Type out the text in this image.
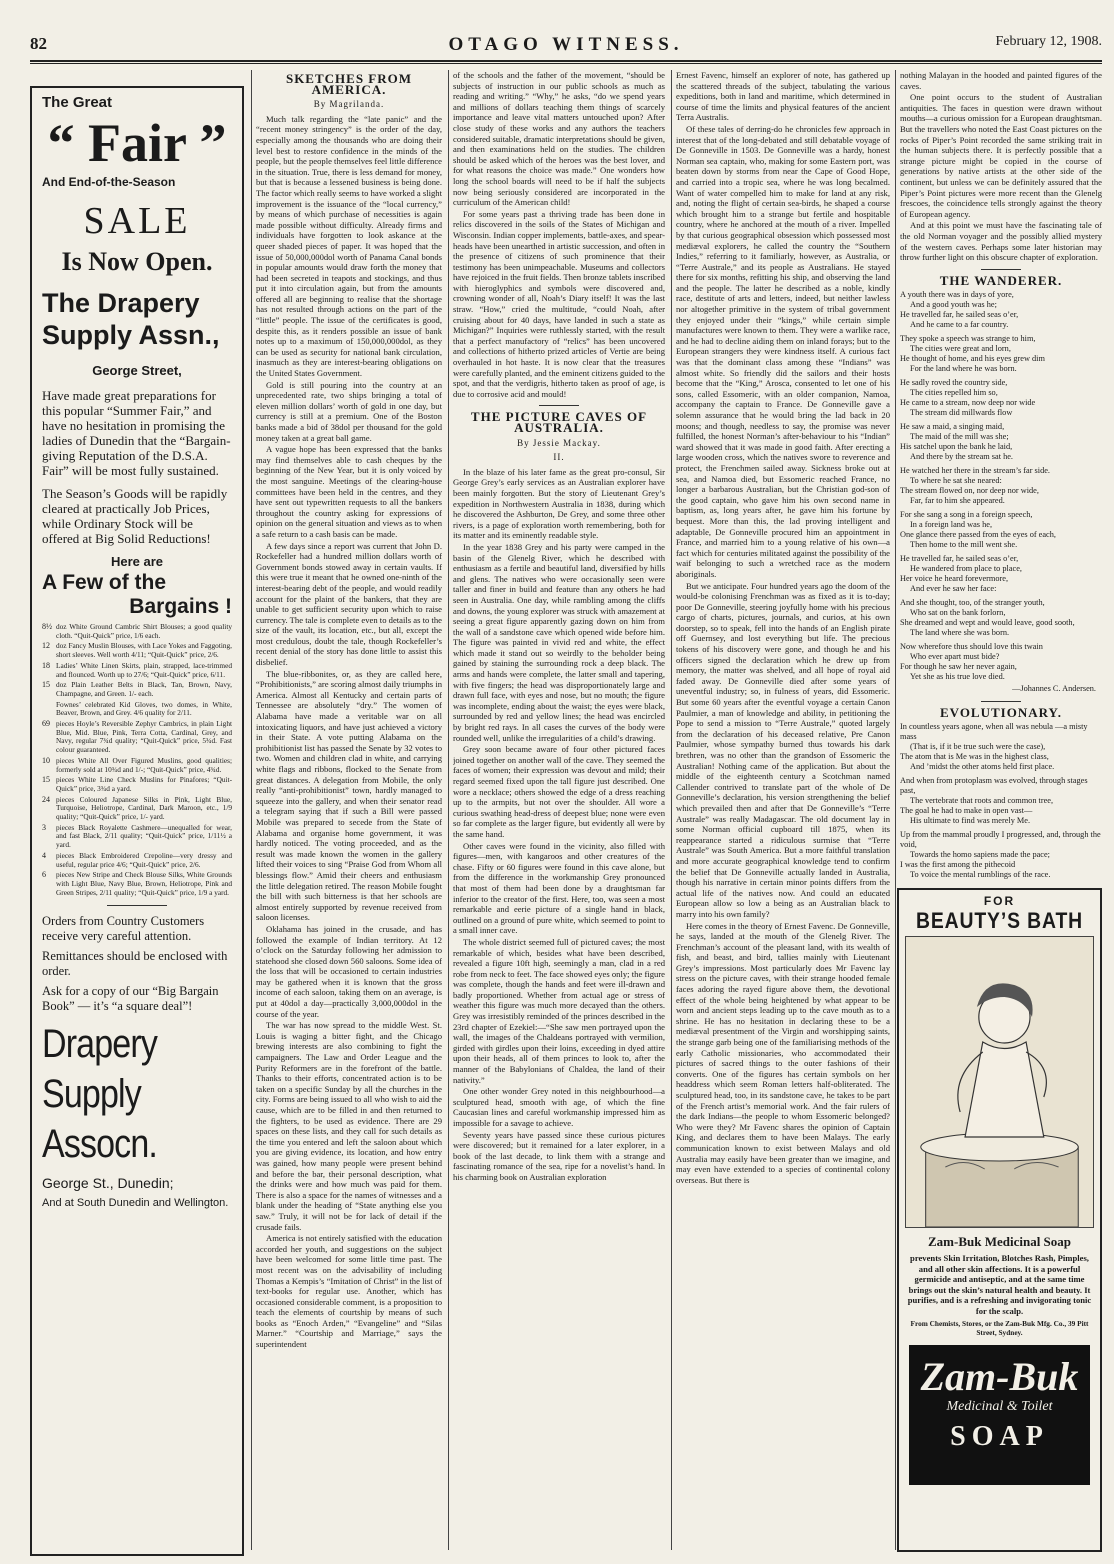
82	OTAGO WITNESS.	February 12, 1908.
The Great
“ Fair ”
And End-of-the-Season
SALE
Is Now Open.
The Drapery Supply Assn.,
George Street,
Have made great preparations for this popular “Summer Fair,” and have no hesitation in promising the ladies of Dunedin that the “Bargain-giving Reputation of the D.S.A. Fair” will be most fully sustained.
The Season’s Goods will be rapidly cleared at practically Job Prices, while Ordinary Stock will be offered at Big Solid Reductions!
Here are
A Few of the
Bargains !
8½ doz White Ground Cambric Shirt Blouses; a good quality cloth. “Quit-Quick” price, 1/6 each.
12 doz Fancy Muslin Blouses, with Lace Yokes and Faggoting, short sleeves. Well worth 4/11; “Quit-Quick” price, 2/6.
18 Ladies’ White Linen Skirts, plain, strapped, lace-trimmed and flounced. Worth up to 27/6; “Quit-Quick” price, 6/11.
15 doz Plain Leather Belts in Black, Tan, Brown, Navy, Champagne, and Green. 1/- each.
Fownes’ celebrated Kid Gloves, two domes, in White, Beaver, Brown, and Grey. 4/6 quality for 2/11.
69 pieces Hoyle’s Reversible Zephyr Cambrics, in plain Light Blue, Mid. Blue, Pink, Terra Cotta, Cardinal, Grey, and Navy, regular 7¾d quality; “Quit-Quick” price, 5¾d. Fast colour guaranteed.
10 pieces White All Over Figured Muslins, good qualities; formerly sold at 10¾d and 1/-; “Quit-Quick” price, 4¾d.
15 pieces White Line Check Muslins for Pinafores; “Quit-Quick” price, 3¾d a yard.
24 pieces Coloured Japanese Silks in Pink, Light Blue, Turquoise, Heliotrope, Cardinal, Dark Maroon, etc., 1/9 quality; “Quit-Quick” price, 1/- yard.
3	pieces Black Royalette Cashmere—unequalled for wear, and fast Black, 2/11 quality; “Quit-Quick” price, 1/11½ a yard.
4	pieces Black Embroidered Crepoline—very dressy and useful, regular price 4/6; “Quit-Quick” price, 2/6.
6	pieces New Stripe and Check Blouse Silks, White Grounds with Light Blue, Navy Blue, Brown, Heliotrope, Pink and Green Stripes, 2/11 quality; “Quit-Quick” price, 1/9 a yard.
Orders from Country Customers receive very careful attention.
Remittances should be enclosed with order.
Ask for a copy of our “Big Bargain Book” — it’s “a square deal”!
Drapery Supply Assocn.
George St., Dunedin;
And at South Dunedin and Wellington.
SKETCHES FROM AMERICA.
By Magrilanda.

Much talk regarding the “late panic” and the “recent money stringency” is the order of the day, especially among the thousands who are doing their level best to restore confidence in the minds of the people, but the people themselves feel little difference in the situation. True, there is less demand for money, but that is because a lessened business is being done. The factor which really seems to have worked a slight improvement is the issuance of the “local currency,” by means of which purchase of necessities is again made possible without difficulty. Already firms and individuals have forgotten to look askance at the queer shaded pieces of paper. It was hoped that the issue of 50,000,000dol worth of Panama Canal bonds in popular amounts would draw forth the money that had been secreted in teapots and stockings, and thus put it into circulation again, but from the amounts offered all are beginning to realise that the shortage has not resulted through actions on the part of the “little” people. The issue of the certificates is good, despite this, as it renders possible an issue of bank notes up to a maximum of 150,000,000dol, as they can be used as security for national bank circulation, inasmuch as they are interest-bearing obligations on the United States Government.

Gold is still pouring into the country at an unprecedented rate, two ships bringing a total of eleven million dollars’ worth of gold in one day, but currency is still at a premium. One of the Boston banks made a bid of 38dol per thousand for the gold money taken at a great ball game.

A vague hope has been expressed that the banks may find themselves able to cash cheques by the beginning of the New Year, but it is only voiced by the most sanguine. Meetings of the clearing-house committees have been held in the centres, and they have sent out typewritten requests to all the bankers throughout the country asking for expressions of opinion on the general situation and views as to when a safe return to a cash basis can be made.

A few days since a report was current that John D. Rockefeller had a hundred million dollars worth of Government bonds stowed away in certain vaults. If this were true it meant that he owned one-ninth of the interest-bearing debt of the people, and would readily account for the plaint of the bankers, that they are unable to get sufficient security upon which to raise currency. The tale is complete even to details as to the size of the vault, its location, etc., but all, except the most credulous, doubt the tale, though Rockefeller’s recent denial of the story has done little to assist this disbelief.

The blue-ribbonites, or, as they are called here, “Prohibitionists,” are scoring almost daily triumphs in America. Almost all Kentucky and certain parts of Tennessee are absolutely “dry.” The women of Alabama have made a veritable war on all intoxicating liquors, and have just achieved a victory in their State. A vote putting Alabama on the prohibitionist list has passed the Senate by 32 votes to two. Women and children clad in white, and carrying white flags and ribbons, flocked to the Senate from great distances. A delegation from Mobile, the only really “anti-prohibitionist” town, hardly managed to squeeze into the gallery, and when their senator read a telegram saying that if such a Bill were passed Mobile was prepared to secede from the State of Alabama and organise home government, it was hardly noticed. The voting proceeded, and as the result was made known the women in the gallery lifted their voices to sing “Praise God from Whom all blessings flow.” Amid their cheers and enthusiasm the little delegation retired. The reason Mobile fought the bill with such bitterness is that her schools are almost entirely supported by revenue received from saloon licenses.

Oklahama has joined in the crusade, and has followed the example of Indian territory. At 12 o’clock on the Saturday following her admission to statehood she closed down 560 saloons. Some idea of the loss that will be occasioned to certain industries may be gathered when it is known that the gross income of each saloon, taking them on an average, is put at 40dol a day—practically 3,000,000dol in the course of the year.

The war has now spread to the middle West. St. Louis is waging a bitter fight, and the Chicago brewing interests are also combining to fight the campaigners. The Law and Order League and the Purity Reformers are in the forefront of the battle. Thanks to their efforts, concentrated action is to be taken on a specific Sunday by all the churches in the city. Forms are being issued to all who wish to aid the cause, which are to be filled in and then returned to the fighters, to be used as evidence. There are 29 spaces on these lists, and they call for such details as the time you entered and left the saloon about which you are giving evidence, its location, and how entry was gained, how many people were present behind and before the bar, their personal description, what the drinks were and how much was paid for them. There is also a space for the names of witnesses and a blank under the heading of “State anything else you saw.” Truly, it will not be for lack of detail if the crusade fails.

America is not entirely satisfied with the education accorded her youth, and suggestions on the subject have been welcomed for some little time past. The most recent was on the advisability of including Thomas a Kempis’s “Imitation of Christ” in the list of text-books for regular use. Another, which has occasioned considerable comment, is a proposition to teach the elements of courtship by means of such books as “Enoch Arden,” “Evangeline” and “Silas Marner.” “Courtship and Marriage,” says the superintendent

of the schools and the father of the movement, “should be subjects of instruction in our public schools as much as reading and writing.” “Why,” he asks, “do we spend years and millions of dollars teaching them things of scarcely importance and leave vital matters untouched upon? After close study of these works and any authors the teachers considered suitable, dramatic interpretations should be given, and then examinations held on the studies. The children should be asked which of the heroes was the best lover, and for what reasons the choice was made.” One wonders how long the school boards will need to be if half the subjects now being seriously considered are incorporated in the curriculum of the American child!

For some years past a thriving trade has been done in relics discovered in the soils of the States of Michigan and Wisconsin. Indian copper implements, battle-axes, and spear-heads have been unearthed in artistic succession, and often in the presence of citizens of such prominence that their testimony has been unimpeachable. Museums and collectors have rejoiced in the fruit fields. Then bronze tablets inscribed with hieroglyphics and symbols were discovered and, crowning wonder of all, Noah’s Diary itself! It was the last straw. “How,” cried the multitude, “could Noah, after cruising about for 40 days, have landed in such a state as Michigan?” Inquiries were ruthlessly started, with the result that a perfect manufactory of “relics” has been uncovered and collections of hitherto prized articles of Vertie are being overhauled in hot haste. It is now clear that the treasures were carefully planted, and the eminent citizens guided to the spot, and that the verdigris, hitherto taken as proof of age, is due to corrosive acid and mould!

THE PICTURE CAVES OF AUSTRALIA.
By Jessie Mackay.
II.

In the blaze of his later fame as the great pro-consul, Sir George Grey’s early services as an Australian explorer have been mainly forgotten. But the story of Lieutenant Grey’s expedition in Northwestern Australia in 1838, during which he discovered the Ashburton, De Grey, and some three other rivers, is a page of exploration worth remembering, both for its matter and its eminently readable style.

In the year 1838 Grey and his party were camped in the basin of the Glenelg River, which he described with enthusiasm as a fertile and beautiful land, diversified by hills and glens. The natives who were occasionally seen were taller and finer in build and feature than any others he had seen in Australia. One day, while rambling among the cliffs and downs, the young explorer was struck with amazement at seeing a great figure apparently gazing down on him from the wall of a sandstone cave which opened wide before him. The figure was painted in vivid red and white, the effect which made it stand out so weirdly to the beholder being gained by staining the surrounding rock a deep black. The arms and hands were complete, the latter small and tapering, with five fingers; the head was disproportionately large and drawn full face, with eyes and nose, but no mouth; the figure was incomplete, ending about the waist; the eyes were black, surrounded by red and yellow lines; the head was encircled by bright red rays. In all cases the curves of the body were rounded well, unlike the irregularities of a child’s drawing.

Grey soon became aware of four other pictured faces joined together on another wall of the cave. They seemed the faces of women; their expression was devout and mild; their regard seemed fixed upon the tall figure just described. One wore a necklace; others showed the edge of a dress reaching up to the armpits, but not over the shoulder. All wore a curious swathing head-dress of deepest blue; none were even so far complete as the larger figure, but evidently all were by the same hand.

Other caves were found in the vicinity, also filled with figures—men, with kangaroos and other creatures of the chase. Fifty or 60 figures were found in this cave alone, but from the difference in the workmanship Grey pronounced that most of them had been done by a draughtsman far inferior to the creator of the first. Here, too, was seen a most remarkable and eerie picture of a single hand in black, outlined on a ground of pure white, which seemed to point to a small inner cave.

The whole district seemed full of pictured caves; the most remarkable of which, besides what have been described, revealed a figure 10ft high, seemingly a man, clad in a red robe from neck to feet. The face showed eyes only; the figure was complete, though the hands and feet were ill-drawn and badly proportioned. Whether from actual age or stress of weather this figure was much more decayed than the others. Grey was irresistibly reminded of the princes described in the 23rd chapter of Ezekiel:—“She saw men portrayed upon the wall, the images of the Chaldeans portrayed with vermilion, girded with girdles upon their loins, exceeding in dyed attire upon their heads, all of them princes to look to, after the manner of the Babylonians of Chaldea, the land of their nativity.”

One other wonder Grey noted in this neighbourhood—a sculptured head, smooth with age, of which the fine Caucasian lines and careful workmanship impressed him as impossible for a savage to achieve.

Seventy years have passed since these curious pictures were discovered; but it remained for a later explorer, in a book of the last decade, to link them with a strange and fascinating romance of the sea, ripe for a novelist’s hand. In his charming book on Australian exploration

Ernest Favenc, himself an explorer of note, has gathered up the scattered threads of the subject, tabulating the various expeditions, both in land and maritime, which determined in course of time the limits and physical features of the ancient Terra Australis.

Of these tales of derring-do he chronicles few approach in interest that of the long-debated and still debatable voyage of De Gonneville in 1503. De Gonneville was a hardy, honest Norman sea captain, who, making for some Eastern port, was beaten down by storms from near the Cape of Good Hope, and carried into a tropic sea, where he was long becalmed. Want of water compelled him to make for land at any risk, and, noting the flight of certain sea-birds, he shaped a course which brought him to a strange but fertile and hospitable country, where he anchored at the mouth of a river. Impelled by that curious geographical obsession which possessed most mediæval explorers, he called the country the “Southern Indies,” referring to it familiarly, however, as Australia, or “Terre Australe,” and its people as Australians. He stayed there for six months, refitting his ship, and observing the land and the people. The latter he described as a noble, kindly race, destitute of arts and letters, indeed, but neither lawless nor altogether primitive in the system of tribal government they enjoyed under their “kings,” while certain simple manufactures were known to them. They were a warlike race, and he had to decline aiding them on inland forays; but to the European strangers they were kindness itself. A curious fact was that the dominant class among these “Indians” was almost white. So friendly did the sailors and their hosts become that the “King,” Arosca, consented to let one of his sons, called Essomeric, with an older companion, Namoa, accompany the captain to France. De Gonneville gave a solemn assurance that he would bring the lad back in 20 moons; and though, needless to say, the promise was never fulfilled, the honest Norman’s after-behaviour to his “Indian” ward showed that it was made in good faith. After erecting a large wooden cross, which the natives swore to reverence and protect, the Frenchmen sailed away. Sickness broke out at sea, and Namoa died, but Essomeric reached France, no longer a barbarous Australian, but the Christian god-son of the good captain, who gave him his own second name in baptism, as, long years after, he gave him his fortune by bequest. More than this, the lad proving intelligent and adaptable, De Gonneville procured him an appointment in France, and married him to a young relative of his own—a fact which for centuries militated against the possibility of the waif belonging to such a wretched race as the modern aboriginals.

But we anticipate. Four hundred years ago the doom of the would-be colonising Frenchman was as fixed as it is to-day; poor De Gonneville, steering joyfully home with his precious cargo of charts, pictures, journals, and curios, at his own doorstep, so to speak, fell into the hands of an English pirate off Guernsey, and lost everything but life. The precious tokens of his discovery were gone, and though he and his officers signed the declaration which he drew up from memory, the matter was shelved, and all hope of royal aid faded away. De Gonneville died after some years of uneventful industry; so, in fulness of years, did Essomeric. But some 60 years after the eventful voyage a certain Canon Paulmier, a man of knowledge and ability, in petitioning the Pope to send a mission to “Terre Australe,” quoted largely from the declaration of his deceased relative, Pre Canon Paulmier, whose sympathy burned thus towards his dark brethren, was no other than the grandson of Essomeric the Australian! Nothing came of the application. But about the middle of the eighteenth century a Scotchman named Callender contrived to translate part of the whole of De Gonneville’s declaration, his version strengthening the belief which prevailed then and after that De Gonneville’s “Terre Australe” was really Madagascar. The old document lay in some Norman official cupboard till 1875, when its reappearance started a ridiculous surmise that “Terre Australe” was South America. But a more faithful translation and more accurate geographical knowledge tend to confirm the belief that De Gonneville actually landed in Australia, though his narrative in certain minor points differs from the actual life of the natives now. And could an educated European allow so low a being as an Australian black to marry into his own family?

Here comes in the theory of Ernest Favenc. De Gonneville, he says, landed at the mouth of the Glenelg River. The Frenchman’s account of the pleasant land, with its wealth of fish, and beast, and bird, tallies mainly with Lieutenant Grey’s impressions. Most particularly does Mr Favenc lay stress on the picture caves, with their strange hooded female faces adoring the rayed figure above them, the devotional effect of the whole being heightened by what appear to be worn and ancient steps leading up to the cave mouth as to a shrine. He has no hesitation in declaring these to be a mediæval presentment of the Virgin and worshipping saints, the strange garb being one of the familiarising methods of the early Catholic missionaries, who accommodated their pictures of sacred things to the outer fashions of their converts. One of the figures has certain symbols on her headdress which seem Roman letters half-obliterated. The sculptured head, too, in its sandstone cave, he takes to be part of the French artist’s memorial work. And the fair rulers of the dark Indians—the people to whom Essomeric belonged? Who were they? Mr Favenc shares the opinion of Captain King, and declares them to have been Malays. The early communication known to exist between Malays and old Australia may easily have been greater than we imagine, and may even have extended to a species of continental colony overseas. But there is

nothing Malayan in the hooded and painted figures of the caves.

One point occurs to the student of Australian antiquities. The faces in question were drawn without mouths—a curious omission for a European draughtsman. But the travellers who noted the East Coast pictures on the rocks of Piper’s Point recorded the same striking trait in the human subjects there. It is perfectly possible that a strange picture might be copied in the course of generations by native artists at the other side of the continent, but unless we can be definitely assured that the Piper’s Point pictures were more recent than the Glenelg frescoes, the coincidence tells strongly against the theory of European agency.

And at this point we must have the fascinating tale of the old Norman voyager and the possibly allied mystery of the western caves. Perhaps some later historian may throw further light on this obscure chapter of exploration.

THE WANDERER.
A youth there was in days of yore,
And a good youth was he;
He travelled far, he sailed seas o’er,
And he came to a far country.
They spoke a speech was strange to him,
The cities were great and lorn,
He thought of home, and his eyes grew dim
For the land where he was born.
He sadly roved the country side,
The cities repelled him so,
He came to a stream, now deep nor wide
The stream did millwards flow
He saw a maid, a singing maid,
The maid of the mill was she;
His satchel upon the bank he laid,
And there by the stream sat he.
He watched her there in the stream’s far side.
To where he sat she neared:
The stream flowed on, nor deep nor wide,
Far, far to him she appeared.
For she sang a song in a foreign speech,
In a foreign land was he,
One glance there passed from the eyes of each,
Then home to the mill went she.
He travelled far, he sailed seas o’er,
He wandered from place to place,
Her voice he heard forevermore,
And ever he saw her face:
And she thought, too, of the stranger youth,
Who sat on the bank forlorn,
She dreamed and wept and would leave, good sooth,
The land where she was born.
Now wherefore thus should love this twain
Who ever apart must bide?
For though he saw her never again,
Yet she as his true love died.
—Johannes C. Andersen.
EVOLUTIONARY.
In countless years agone, when all was nebula —a misty mass
(That is, if it be true such were the case),
The atom that is Me was in the highest class,
And ’midst the other atoms held first place.
And when from protoplasm was evolved, through stages past,
The vertebrate that roots and common tree,
The goal he had to make in open vast—
His ultimate to find was merely Me.
Up from the mammal proudly I progressed, and, through the void,
Towards the homo sapiens made the pace;
I was the first among the pithecoid
To voice the mental rumblings of the race.
FOR
BEAUTY’S BATH
Zam-Buk Medicinal Soap
prevents Skin Irritation, Blotches Rash, Pimples, and all other skin affections. It is a powerful germicide and antiseptic, and at the same time brings out the skin’s natural health and beauty. It purifies, and is a refreshing and invigorating tonic for the scalp.
From Chemists, Stores, or the Zam-Buk Mfg. Co., 39 Pitt Street, Sydney.
Zam-Buk
Medicinal & Toilet
SOAP
